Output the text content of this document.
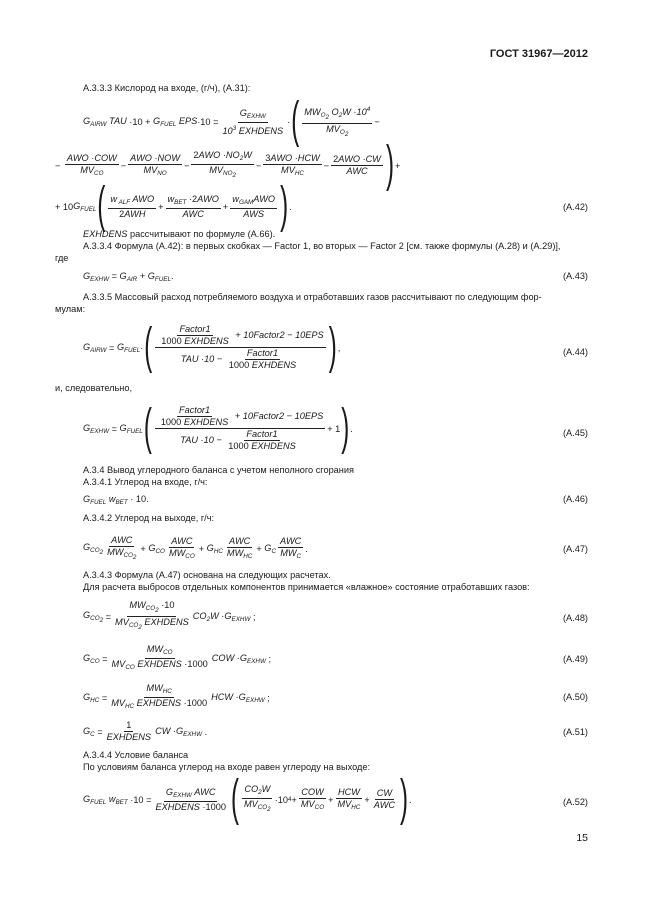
ГОСТ 31967—2012
А.3.3.3 Кислород на входе, (г/ч), (А.31):
$G_{AIRW}$ TAU $\cdot 10 + G_{FUEL}$ EPS ·10 =
$G_{EXHW}$
$10^3$ EXHDENS
· ( $MW_{O_2}$ $O_2W \cdot 10^4$
$MV_{O_2}$
−
−
AWO ·COW
$MV_{CO}$
−
AWO ·NOW
$MV_{NO}$
−
$2AWO \cdot NO_2W$
$MV_{NO_2}$
−
3AWO ·HCW
$MV_{HC}$
−
2AWO ·CW
AWC ) +
+ 10 $G_{FUEL}$ ( w $_{ALF}$ AWO
2AWH
+
$w_{BET} \cdot 2AWO$
AWC
+
$w_{GAM}AWO$
AWS ) .	(А.42)
EXHDENS рассчитывают по формуле (А.66).
А.3.3.4 Формула (А.42): в первых скобках — Factor 1, во вторых — Factor 2 [см. также формулы (А.28) и (А.29)],
где
$G_{EXHW} = G_{AIR} + G_{FUEL}$.	(А.43)
А.3.3.5 Массовый расход потребляемого воздуха и отработавших газов рассчитывают по следующим фор-
мулам:
$G_{AIRW} = G_{FUEL}$ · (	Factor1
1000 EXHDENS
+ 10Factor2 − 10EPS
TAU ·10 −
Factor1
1000 EXHDENS ) ,	(А.44)
и, следовательно,
$G_{EXHW} = G_{FUEL}$ (	Factor1
1000 EXHDENS
+ 10Factor2 − 10EPS
TAU ·10 −
Factor1
1000 EXHDENS
+ 1 ) .	(А.45)
А.3.4 Вывод углеродного баланса с учетом неполного сгорания
А.3.4.1 Углерод на входе, г/ч:
$G_{FUEL}$ $w_{BET} \cdot 10$.	(А.46)
А.3.4.2 Углерод на выходе, г/ч:
$G_{CO_2}$
AWC
$MW_{CO_2}$
+ $G_{CO}$
AWC
$MW_{CO}$
+ $G_{HC}$
AWC
$MW_{HC}$
+ $G_C$
AWC
$MW_C$
.	(А.47)
А.3.4.3 Формула (А.47) основана на следующих расчетах.
Для расчета выбросов отдельных компонентов принимается «влажное» состояние отработавших газов:
$G_{CO_2}$ =
$MW_{CO_2} \cdot 10$
$MV_{CO_2}$ EXHDENS
$CO_2W \cdot G_{EXHW}$ ;	(А.48)
$G_{CO}$ =
$MW_{CO}$
$MV_{CO}$ EXHDENS ·1000
COW $\cdot G_{EXHW}$ ;	(А.49)
$G_{HC}$ =
$MW_{HC}$
$MV_{HC}$ EXHDENS ·1000
HCW $\cdot G_{EXHW}$ ;	(А.50)
$G_C$ =
1
EXHDENS
CW $\cdot G_{EXHW}$ .	(А.51)
А.3.4.4 Условие баланса
По условиям баланса углерод на входе равен углероду на выходе:
$G_{FUEL}$ $w_{BET} \cdot 10$ =
$G_{EXHW}$ AWC
EXHDENS ·1000 ( $CO_2W$
$MV_{CO_2}$
·10 4 +
COW
$MV_{CO}$
+
HCW
$MV_{HC}$
+
CW
AWC ) .	(А.52)
15
